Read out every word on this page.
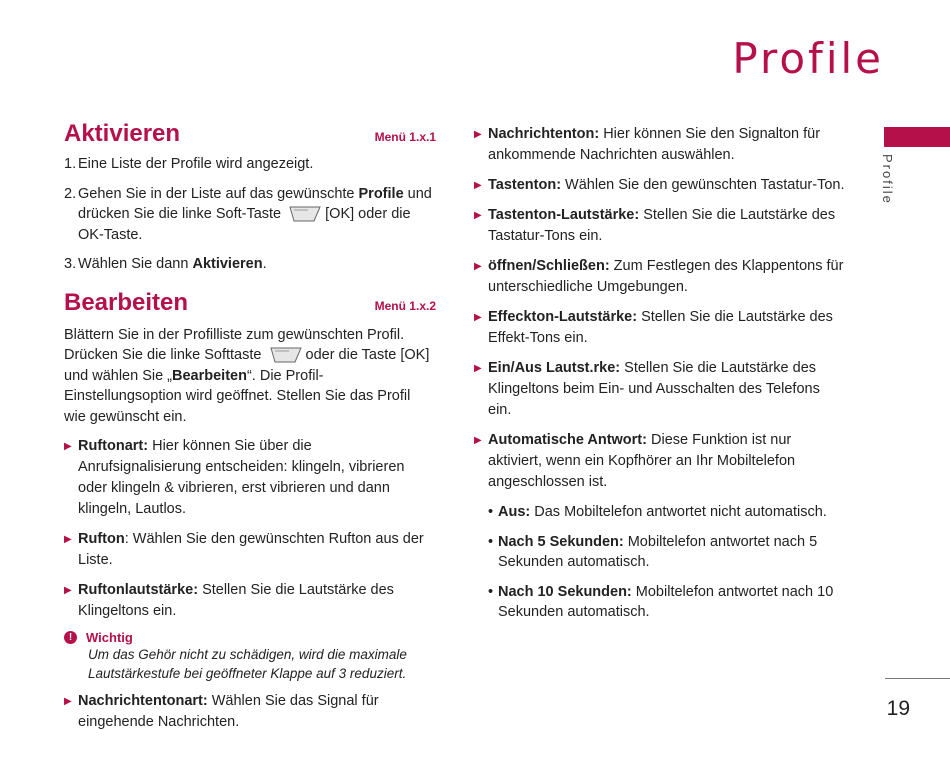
Profile
Profile
Aktivieren	Menü 1.x.1
1. Eine Liste der Profile wird angezeigt.
2. Gehen Sie in der Liste auf das gewünschte Profile und drücken Sie die linke Soft-Taste	[OK] oder die OK-Taste.
3. Wählen Sie dann Aktivieren.
Bearbeiten	Menü 1.x.2

Blättern Sie in der Profilliste zum gewünschten Profil. Drücken Sie die linke Softtaste	oder die Taste [OK] und wählen Sie „Bearbeiten“. Die Profil- Einstellungsoption wird geöffnet. Stellen Sie das Profil wie gewünscht ein.

▶ Ruftonart: Hier können Sie über die Anrufsignalisierung entscheiden: klingeln, vibrieren oder klingeln & vibrieren, erst vibrieren und dann klingeln, Lautlos.
▶ Rufton: Wählen Sie den gewünschten Rufton aus der Liste.
▶ Ruftonlautstärke: Stellen Sie die Lautstärke des Klingeltons ein.
!	Wichtig

Um das Gehör nicht zu schädigen, wird die maximale Lautstärkestufe bei geöffneter Klappe auf 3 reduziert.

▶ Nachrichtentonart: Wählen Sie das Signal für eingehende Nachrichten.
▶ Nachrichtenton: Hier können Sie den Signalton für ankommende Nachrichten auswählen.
▶ Tastenton: Wählen Sie den gewünschten Tastatur-Ton.
▶ Tastenton-Lautstärke: Stellen Sie die Lautstärke des Tastatur-Tons ein.
▶ öffnen/Schließen: Zum Festlegen des Klappentons für unterschiedliche Umgebungen.
▶ Effeckton-Lautstärke: Stellen Sie die Lautstärke des Effekt-Tons ein.
▶ Ein/Aus Lautst.rke: Stellen Sie die Lautstärke des Klingeltons beim Ein- und Ausschalten des Telefons ein.
▶ Automatische Antwort: Diese Funktion ist nur aktiviert, wenn ein Kopfhörer an Ihr Mobiltelefon angeschlossen ist.
• Aus: Das Mobiltelefon antwortet nicht automatisch.
• Nach 5 Sekunden: Mobiltelefon antwortet nach 5 Sekunden automatisch.
• Nach 10 Sekunden: Mobiltelefon antwortet nach 10 Sekunden automatisch.
19
